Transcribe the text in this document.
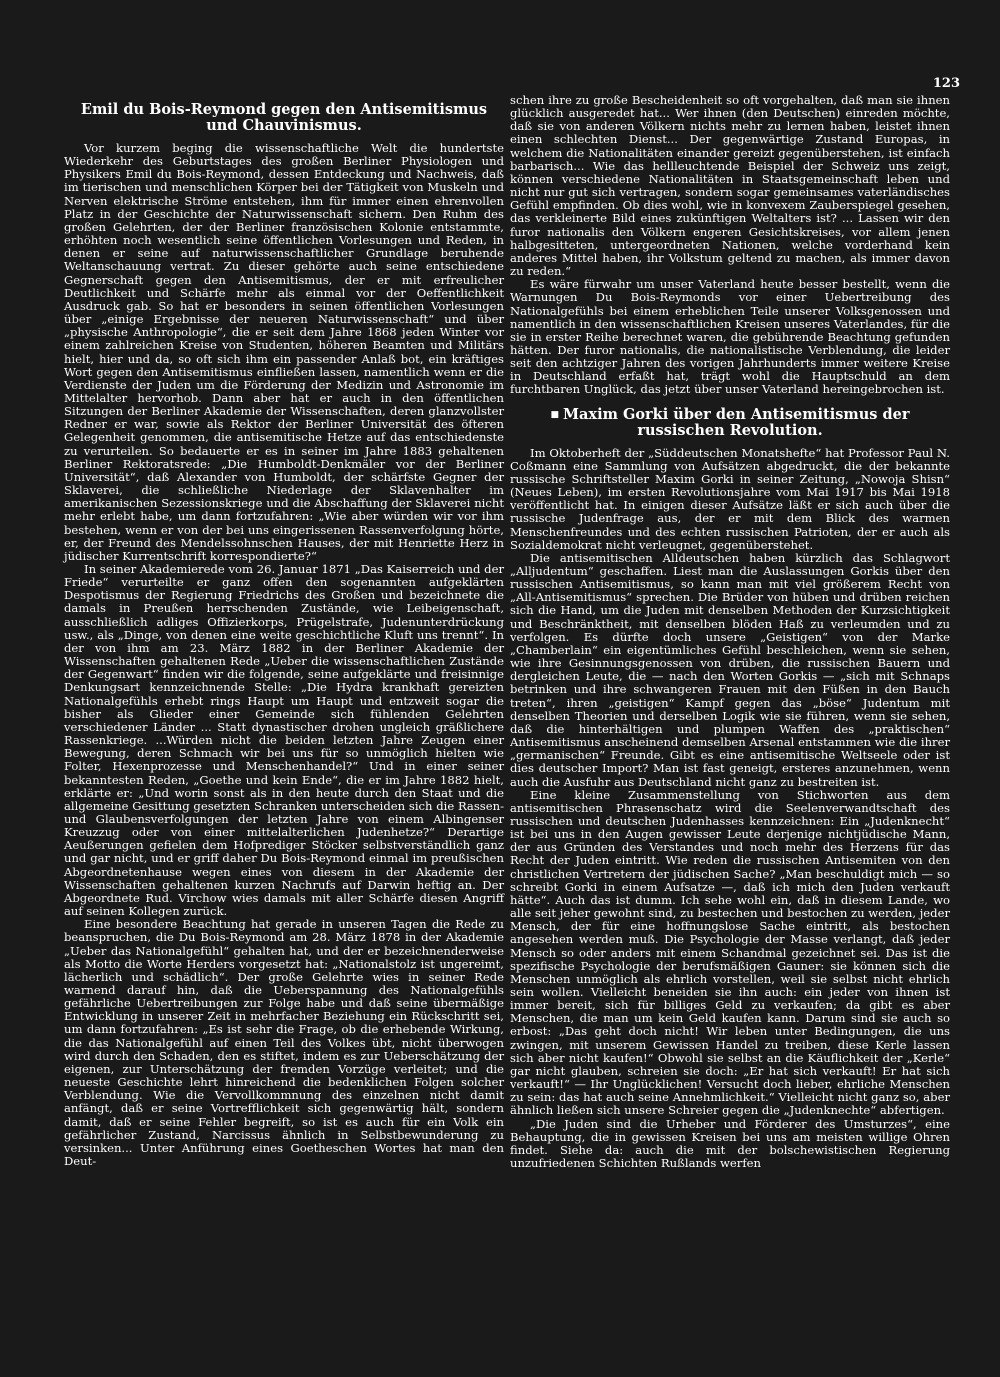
123
Emil du Bois-Reymond gegen den Antisemitismus und Chauvinismus.

Vor kurzem beging die wissenschaftliche Welt die hundertste Wiederkehr des Geburtstages des großen Berliner Physiologen und Physikers Emil du Bois-Reymond, dessen Entdeckung und Nachweis, daß im tierischen und menschlichen Körper bei der Tätigkeit von Muskeln und Nerven elektrische Ströme entstehen, ihm für immer einen ehrenvollen Platz in der Geschichte der Naturwissenschaft sichern. Den Ruhm des großen Gelehrten, der der Berliner französischen Kolonie entstammte, erhöhten noch wesentlich seine öffentlichen Vorlesungen und Reden, in denen er seine auf naturwissenschaftlicher Grundlage beruhende Weltanschauung vertrat. Zu dieser gehörte auch seine entschiedene Gegnerschaft gegen den Antisemitismus, der er mit erfreulicher Deutlichkeit und Schärfe mehr als einmal vor der Oeffentlichkeit Ausdruck gab. So hat er besonders in seinen öffentlichen Vorlesungen über „einige Ergebnisse der neueren Naturwissenschaft“ und über „physische Anthropologie“, die er seit dem Jahre 1868 jeden Winter vor einem zahlreichen Kreise von Studenten, höheren Beamten und Militärs hielt, hier und da, so oft sich ihm ein passender Anlaß bot, ein kräftiges Wort gegen den Antisemitismus einfließen lassen, namentlich wenn er die Verdienste der Juden um die Förderung der Medizin und Astronomie im Mittelalter hervorhob. Dann aber hat er auch in den öffentlichen Sitzungen der Berliner Akademie der Wissenschaften, deren glanzvollster Redner er war, sowie als Rektor der Berliner Universität des öfteren Gelegenheit genommen, die antisemitische Hetze auf das entschiedenste zu verurteilen. So bedauerte er es in seiner im Jahre 1883 gehaltenen Berliner Rektoratsrede: „Die Humboldt-Denkmäler vor der Berliner Universität“, daß Alexander von Humboldt, der schärfste Gegner der Sklaverei, die schließliche Niederlage der Sklavenhalter im amerikanischen Sezessionskriege und die Abschaffung der Sklaverei nicht mehr erlebt habe, um dann fortzufahren: „Wie aber würden wir vor ihm bestehen, wenn er von der bei uns eingerissenen Rassenverfolgung hörte, er, der Freund des Mendelssohnschen Hauses, der mit Henriette Herz in jüdischer Kurrentschrift korrespondierte?“

In seiner Akademierede vom 26. Januar 1871 „Das Kaiserreich und der Friede“ verurteilte er ganz offen den sogenannten aufgeklärten Despotismus der Regierung Friedrichs des Großen und bezeichnete die damals in Preußen herrschenden Zustände, wie Leibeigenschaft, ausschließlich adliges Offizierkorps, Prügelstrafe, Judenunterdrückung usw., als „Dinge, von denen eine weite geschichtliche Kluft uns trennt“. In der von ihm am 23. März 1882 in der Berliner Akademie der Wissenschaften gehaltenen Rede „Ueber die wissenschaftlichen Zustände der Gegenwart“ finden wir die folgende, seine aufgeklärte und freisinnige Denkungsart kennzeichnende Stelle: „Die Hydra krankhaft gereizten Nationalgefühls erhebt rings Haupt um Haupt und entzweit sogar die bisher als Glieder einer Gemeinde sich fühlenden Gelehrten verschiedener Länder ... Statt dynastischer drohen ungleich gräßlichere Rassenkriege. ...Würden nicht die beiden letzten Jahre Zeugen einer Bewegung, deren Schmach wir bei uns für so unmöglich hielten wie Folter, Hexenprozesse und Menschenhandel?“ Und in einer seiner bekanntesten Reden, „Goethe und kein Ende“, die er im Jahre 1882 hielt, erklärte er: „Und worin sonst als in den heute durch den Staat und die allgemeine Gesittung gesetzten Schranken unterscheiden sich die Rassen- und Glaubensverfolgungen der letzten Jahre von einem Albingenser Kreuzzug oder von einer mittelalterlichen Judenhetze?“ Derartige Aeußerungen gefielen dem Hofprediger Stöcker selbstverständlich ganz und gar nicht, und er griff daher Du Bois-Reymond einmal im preußischen Abgeordnetenhause wegen eines von diesem in der Akademie der Wissenschaften gehaltenen kurzen Nachrufs auf Darwin heftig an. Der Abgeordnete Rud. Virchow wies damals mit aller Schärfe diesen Angriff auf seinen Kollegen zurück.

Eine besondere Beachtung hat gerade in unseren Tagen die Rede zu beanspruchen, die Du Bois-Reymond am 28. März 1878 in der Akademie „Ueber das Nationalgefühl“ gehalten hat, und der er bezeichnenderweise als Motto die Worte Herders vorgesetzt hat: „Nationalstolz ist ungereimt, lächerlich und schädlich“. Der große Gelehrte wies in seiner Rede warnend darauf hin, daß die Ueberspannung des Nationalgefühls gefährliche Uebertreibungen zur Folge habe und daß seine übermäßige Entwicklung in unserer Zeit in mehrfacher Beziehung ein Rückschritt sei, um dann fortzufahren: „Es ist sehr die Frage, ob die erhebende Wirkung, die das Nationalgefühl auf einen Teil des Volkes übt, nicht überwogen wird durch den Schaden, den es stiftet, indem es zur Ueberschätzung der eigenen, zur Unterschätzung der fremden Vorzüge verleitet; und die neueste Geschichte lehrt hinreichend die bedenklichen Folgen solcher Verblendung. Wie die Vervollkommnung des einzelnen nicht damit anfängt, daß er seine Vortrefflichkeit sich gegenwärtig hält, sondern damit, daß er seine Fehler begreift, so ist es auch für ein Volk ein gefährlicher Zustand, Narcissus ähnlich in Selbstbewunderung zu versinken... Unter Anführung eines Goetheschen Wortes hat man den Deut-

schen ihre zu große Bescheidenheit so oft vorgehalten, daß man sie ihnen glücklich ausgeredet hat... Wer ihnen (den Deutschen) einreden möchte, daß sie von anderen Völkern nichts mehr zu lernen haben, leistet ihnen einen schlechten Dienst... Der gegenwärtige Zustand Europas, in welchem die Nationalitäten einander gereizt gegenüberstehen, ist einfach barbarisch... Wie das hellleuchtende Beispiel der Schweiz uns zeigt, können verschiedene Nationalitäten in Staatsgemeinschaft leben und nicht nur gut sich vertragen, sondern sogar gemeinsames vaterländisches Gefühl empfinden. Ob dies wohl, wie in konvexem Zauberspiegel gesehen, das verkleinerte Bild eines zukünftigen Weltalters ist? ... Lassen wir den furor nationalis den Völkern engeren Gesichtskreises, vor allem jenen halbgesitteten, untergeordneten Nationen, welche vorderhand kein anderes Mittel haben, ihr Volkstum geltend zu machen, als immer davon zu reden.“

Es wäre fürwahr um unser Vaterland heute besser bestellt, wenn die Warnungen Du Bois-Reymonds vor einer Uebertreibung des Nationalgefühls bei einem erheblichen Teile unserer Volksgenossen und namentlich in den wissenschaftlichen Kreisen unseres Vaterlandes, für die sie in erster Reihe berechnet waren, die gebührende Beachtung gefunden hätten. Der furor nationalis, die nationalistische Verblendung, die leider seit den achtziger Jahren des vorigen Jahrhunderts immer weitere Kreise in Deutschland erfaßt hat, trägt wohl die Hauptschuld an dem furchtbaren Unglück, das jetzt über unser Vaterland hereingebrochen ist.

■ Maxim Gorki über den Antisemitismus der russischen Revolution.

Im Oktoberheft der „Süddeutschen Monatshefte“ hat Professor Paul N. Coßmann eine Sammlung von Aufsätzen abgedruckt, die der bekannte russische Schriftsteller Maxim Gorki in seiner Zeitung, „Nowoja Shisn“ (Neues Leben), im ersten Revolutionsjahre vom Mai 1917 bis Mai 1918 veröffentlicht hat. In einigen dieser Aufsätze läßt er sich auch über die russische Judenfrage aus, der er mit dem Blick des warmen Menschenfreundes und des echten russischen Patrioten, der er auch als Sozialdemokrat nicht verleugnet, gegenüberstehet.

Die antisemitischen Alldeutschen haben kürzlich das Schlagwort „Alljudentum“ geschaffen. Liest man die Auslassungen Gorkis über den russischen Antisemitismus, so kann man mit viel größerem Recht von „All-Antisemitismus“ sprechen. Die Brüder von hüben und drüben reichen sich die Hand, um die Juden mit denselben Methoden der Kurzsichtigkeit und Beschränktheit, mit denselben blöden Haß zu verleumden und zu verfolgen. Es dürfte doch unsere „Geistigen“ von der Marke „Chamberlain“ ein eigentümliches Gefühl beschleichen, wenn sie sehen, wie ihre Gesinnungsgenossen von drüben, die russischen Bauern und dergleichen Leute, die — nach den Worten Gorkis — „sich mit Schnaps betrinken und ihre schwangeren Frauen mit den Füßen in den Bauch treten“, ihren „geistigen“ Kampf gegen das „böse“ Judentum mit denselben Theorien und derselben Logik wie sie führen, wenn sie sehen, daß die hinterhältigen und plumpen Waffen des „praktischen“ Antisemitismus anscheinend demselben Arsenal entstammen wie die ihrer „germanischen“ Freunde. Gibt es eine antisemitische Weltseele oder ist dies deutscher Import? Man ist fast geneigt, ersteres anzunehmen, wenn auch die Ausfuhr aus Deutschland nicht ganz zu bestreiten ist.

Eine kleine Zusammenstellung von Stichworten aus dem antisemitischen Phrasenschatz wird die Seelenverwandtschaft des russischen und deutschen Judenhasses kennzeichnen: Ein „Judenknecht“ ist bei uns in den Augen gewisser Leute derjenige nichtjüdische Mann, der aus Gründen des Verstandes und noch mehr des Herzens für das Recht der Juden eintritt. Wie reden die russischen Antisemiten von den christlichen Vertretern der jüdischen Sache? „Man beschuldigt mich — so schreibt Gorki in einem Aufsatze —, daß ich mich den Juden verkauft hätte“. Auch das ist dumm. Ich sehe wohl ein, daß in diesem Lande, wo alle seit jeher gewohnt sind, zu bestechen und bestochen zu werden, jeder Mensch, der für eine hoffnungslose Sache eintritt, als bestochen angesehen werden muß. Die Psychologie der Masse verlangt, daß jeder Mensch so oder anders mit einem Schandmal gezeichnet sei. Das ist die spezifische Psychologie der berufsmäßigen Gauner: sie können sich die Menschen unmöglich als ehrlich vorstellen, weil sie selbst nicht ehrlich sein wollen. Vielleicht beneiden sie ihn auch: ein jeder von ihnen ist immer bereit, sich für billiges Geld zu verkaufen; da gibt es aber Menschen, die man um kein Geld kaufen kann. Darum sind sie auch so erbost: „Das geht doch nicht! Wir leben unter Bedingungen, die uns zwingen, mit unserem Gewissen Handel zu treiben, diese Kerle lassen sich aber nicht kaufen!“ Obwohl sie selbst an die Käuflichkeit der „Kerle“ gar nicht glauben, schreien sie doch: „Er hat sich verkauft! Er hat sich verkauft!“ — Ihr Unglücklichen! Versucht doch lieber, ehrliche Menschen zu sein: das hat auch seine Annehmlichkeit.“ Vielleicht nicht ganz so, aber ähnlich ließen sich unsere Schreier gegen die „Judenknechte“ abfertigen.

„Die Juden sind die Urheber und Förderer des Umsturzes“, eine Behauptung, die in gewissen Kreisen bei uns am meisten willige Ohren findet. Siehe da: auch die mit der bolschewistischen Regierung unzufriedenen Schichten Rußlands werfen
